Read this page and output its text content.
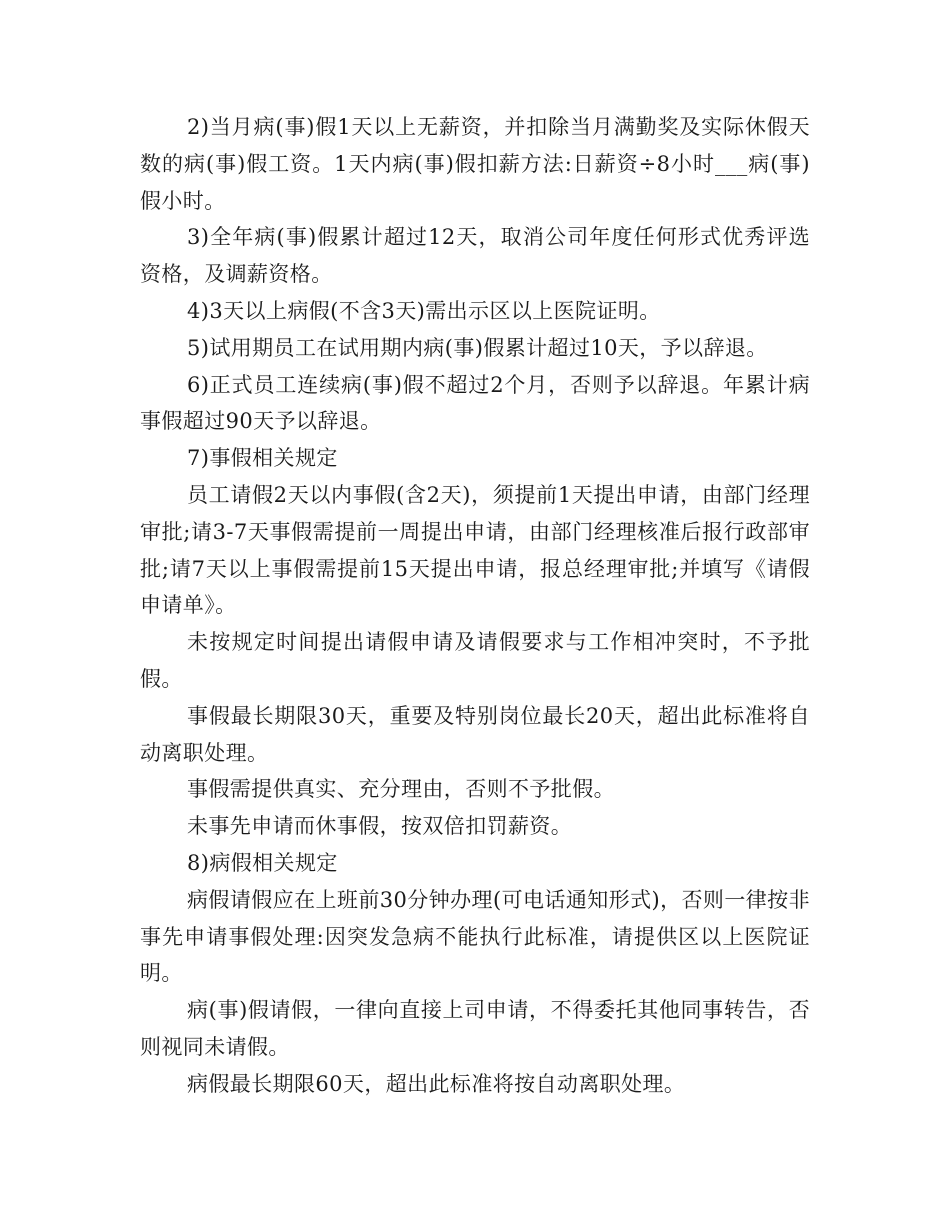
2)当月病(事)假1天以上无薪资，并扣除当月满勤奖及实际休假天数的病(事)假工资。1天内病(事)假扣薪方法:日薪资÷8小时___病(事)假小时。

3)全年病(事)假累计超过12天，取消公司年度任何形式优秀评选资格，及调薪资格。

4)3天以上病假(不含3天)需出示区以上医院证明。

5)试用期员工在试用期内病(事)假累计超过10天，予以辞退。

6)正式员工连续病(事)假不超过2个月，否则予以辞退。年累计病事假超过90天予以辞退。

7)事假相关规定

员工请假2天以内事假(含2天)，须提前1天提出申请，由部门经理审批;请3-7天事假需提前一周提出申请，由部门经理核准后报行政部审批;请7天以上事假需提前15天提出申请，报总经理审批;并填写《请假申请单》。

未按规定时间提出请假申请及请假要求与工作相冲突时，不予批假。

事假最长期限30天，重要及特别岗位最长20天，超出此标准将自动离职处理。

事假需提供真实、充分理由，否则不予批假。

未事先申请而休事假，按双倍扣罚薪资。

8)病假相关规定

病假请假应在上班前30分钟办理(可电话通知形式)，否则一律按非事先申请事假处理:因突发急病不能执行此标准，请提供区以上医院证明。

病(事)假请假，一律向直接上司申请，不得委托其他同事转告，否则视同未请假。

病假最长期限60天，超出此标准将按自动离职处理。
